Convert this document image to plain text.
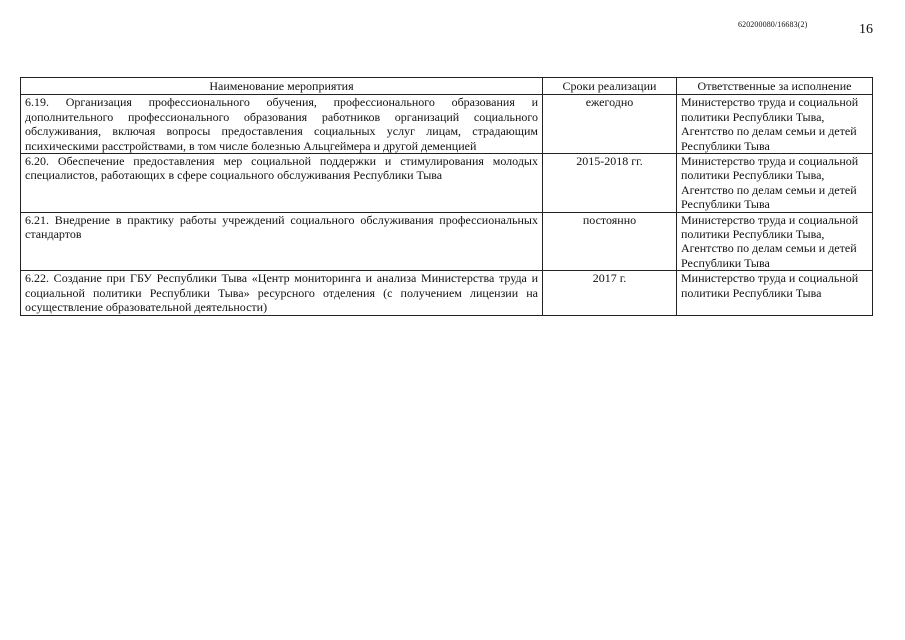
620200080/16683(2)	16
Наименование мероприятия	Сроки реализации	Ответственные за исполнение
6.19. Организация профессионального обучения, профессионального образования и дополнительного профессионального образования работников организаций социального обслуживания, включая вопросы предоставления социальных услуг лицам, страдающим психическими расстройствами, в том числе болезнью Альцгеймера и другой деменцией	ежегодно	Министерство труда и социальной политики Республики Тыва, Агентство по делам семьи и детей Республики Тыва
6.20. Обеспечение предоставления мер социальной поддержки и стимулирования молодых специалистов, работающих в сфере социального обслуживания Республики Тыва	2015-2018 гг.	Министерство труда и социальной политики Республики Тыва, Агентство по делам семьи и детей Республики Тыва
6.21. Внедрение в практику работы учреждений социального обслуживания профессиональных стандартов	постоянно	Министерство труда и социальной политики Республики Тыва, Агентство по делам семьи и детей Республики Тыва
6.22. Создание при ГБУ Республики Тыва «Центр мониторинга и анализа Министерства труда и социальной политики Республики Тыва» ресурсного отделения (с получением лицензии на осуществление образовательной деятельности)	2017 г.	Министерство труда и социальной политики Республики Тыва
